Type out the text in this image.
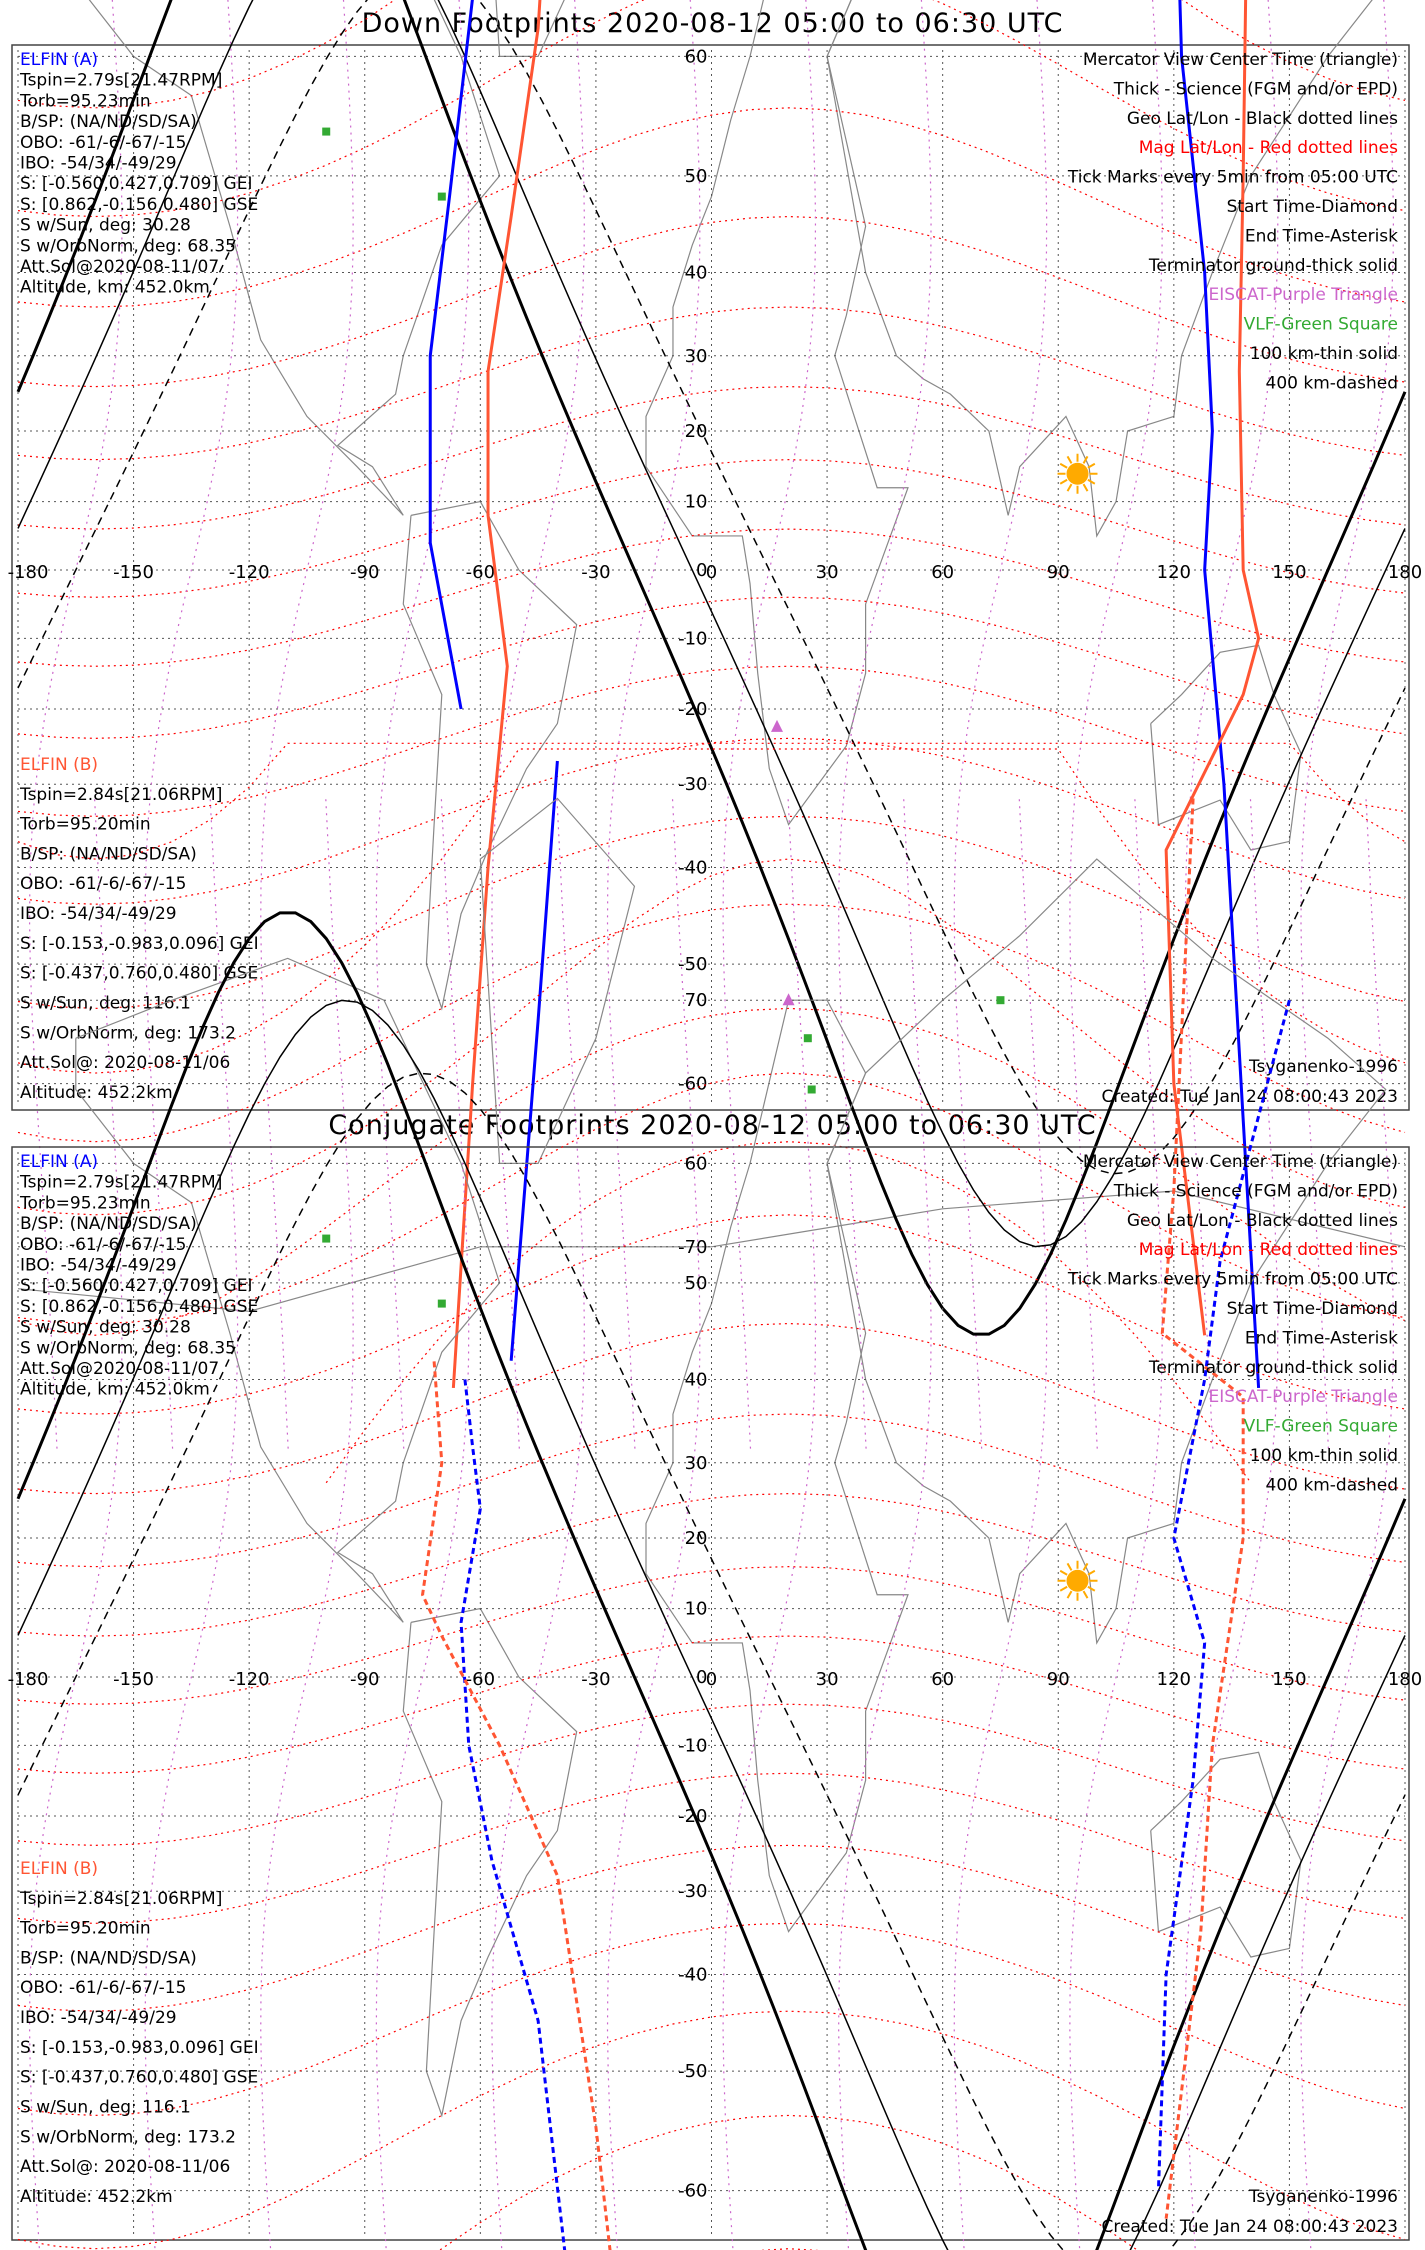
Down Footprints 2020-08-12 05:00 to 06:30 UTC
Conjugate Footprints 2020-08-12 05:00 to 06:30 UTC
-180	-150	-120	-90	-60	-30	0	30	60	90	120	150	180
60
50
40
30
20
10
0
-10
-20
-30
-40
-50
-60
-70
ELFIN (A)
Tspin=2.79s[21.47RPM]
Torb=95.23min
B/SP: (NA/ND/SD/SA)
OBO: -61/-6/-67/-15
IBO: -54/34/-49/29
S: [-0.560,0.427,0.709] GEI
S: [0.862,-0.156,0.480] GSE
S w/Sun, deg: 30.28
S w/OrbNorm, deg: 68.35
Att.Sol@2020-08-11/07
Altitude, km: 452.0km
ELFIN (B)
Tspin=2.84s[21.06RPM]
Torb=95.20min
B/SP: (NA/ND/SD/SA)
OBO: -61/-6/-67/-15
IBO: -54/34/-49/29
S: [-0.153,-0.983,0.096] GEI
S: [-0.437,0.760,0.480] GSE
S w/Sun, deg: 116.1
S w/OrbNorm, deg: 173.2
Att.Sol@: 2020-08-11/06
Altitude: 452.2km
Mercator View Center Time (triangle)
Thick - Science (FGM and/or EPD)
Geo Lat/Lon - Black dotted lines
Mag Lat/Lon - Red dotted lines
Tick Marks every 5min from 05:00 UTC
Start Time-Diamond
End Time-Asterisk
Terminator ground-thick solid
EISCAT-Purple Triangle
VLF-Green Square
100 km-thin solid
400 km-dashed
Tsyganenko-1996
Created: Tue Jan 24 08:00:43 2023
-180	-150	-120	-90	-60	-30	0	30	60	90	120	150	180
70
60
50
40
30
20
10
0
-10
-20
-30
-40
-50
-60
ELFIN (A)
Tspin=2.79s[21.47RPM]
Torb=95.23min
B/SP: (NA/ND/SD/SA)
OBO: -61/-6/-67/-15
IBO: -54/34/-49/29
S: [-0.560,0.427,0.709] GEI
S: [0.862,-0.156,0.480] GSE
S w/Sun, deg: 30.28
S w/OrbNorm, deg: 68.35
Att.Sol@2020-08-11/07
Altitude, km: 452.0km
ELFIN (B)
Tspin=2.84s[21.06RPM]
Torb=95.20min
B/SP: (NA/ND/SD/SA)
OBO: -61/-6/-67/-15
IBO: -54/34/-49/29
S: [-0.153,-0.983,0.096] GEI
S: [-0.437,0.760,0.480] GSE
S w/Sun, deg: 116.1
S w/OrbNorm, deg: 173.2
Att.Sol@: 2020-08-11/06
Altitude: 452.2km
Mercator View Center Time (triangle)
Thick - Science (FGM and/or EPD)
Geo Lat/Lon - Black dotted lines
Mag Lat/Lon - Red dotted lines
Tick Marks every 5min from 05:00 UTC
Start Time-Diamond
End Time-Asterisk
Terminator ground-thick solid
EISCAT-Purple Triangle
VLF-Green Square
100 km-thin solid
400 km-dashed
Tsyganenko-1996
Created: Tue Jan 24 08:00:43 2023
